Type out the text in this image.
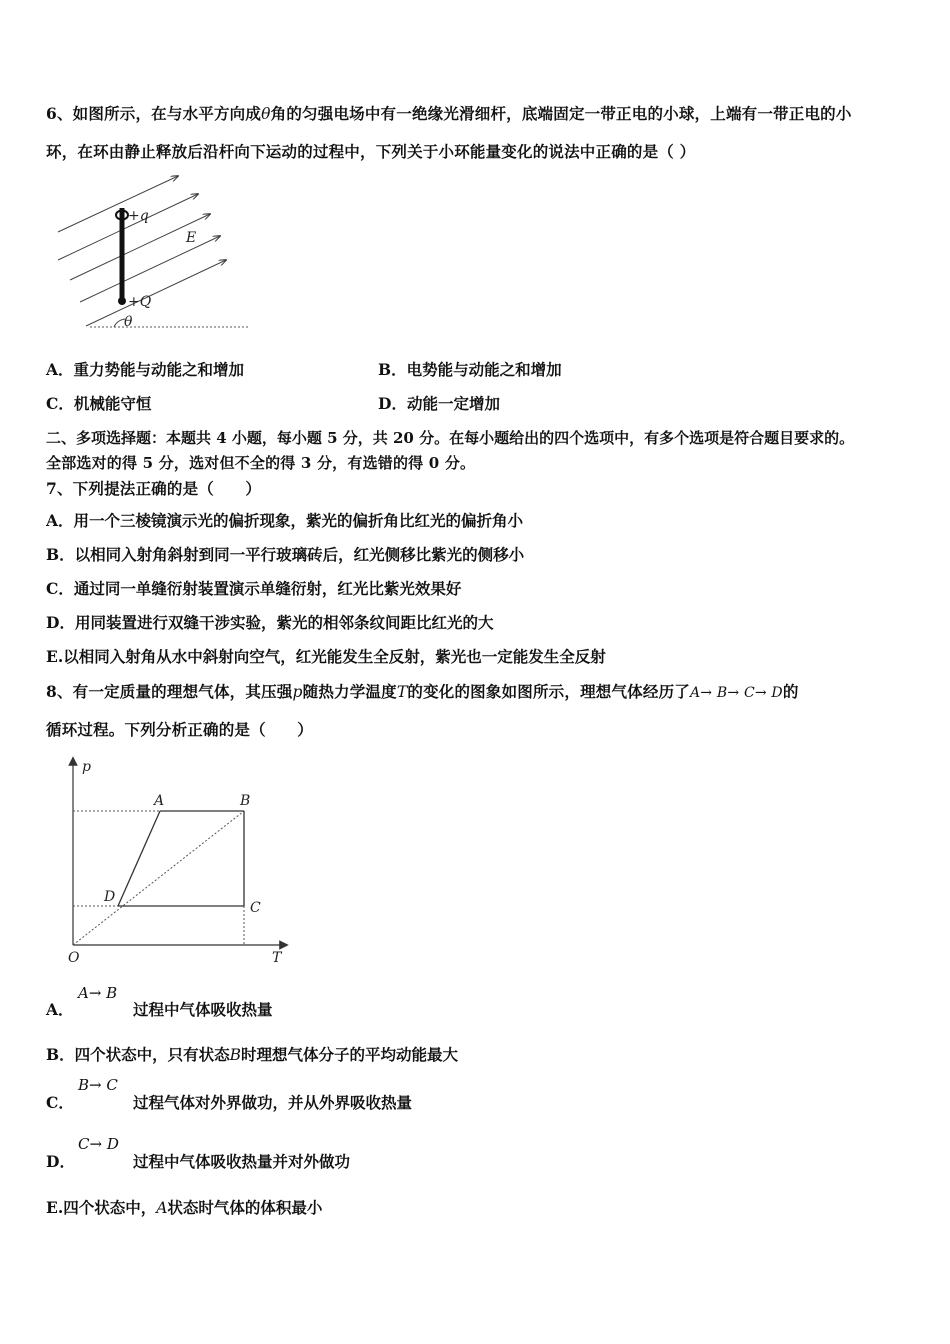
6、如图所示，在与水平方向成θ角的匀强电场中有一绝缘光滑细杆，底端固定一带正电的小球，上端有一带正电的小
环，在环由静止释放后沿杆向下运动的过程中，下列关于小环能量变化的说法中正确的是（ ）
+q
E
+Q
θ
A．重力势能与动能之和增加	B．电势能与动能之和增加
C．机械能守恒	D．动能一定增加
二、多项选择题：本题共 4 小题，每小题 5 分，共 20 分。在每小题给出的四个选项中，有多个选项是符合题目要求的。
全部选对的得 5 分，选对但不全的得 3 分，有选错的得 0 分。
7、下列提法正确的是（　　）
A．用一个三棱镜演示光的偏折现象，紫光的偏折角比红光的偏折角小
B．以相同入射角斜射到同一平行玻璃砖后，红光侧移比紫光的侧移小
C．通过同一单缝衍射装置演示单缝衍射，红光比紫光效果好
D．用同装置进行双缝干涉实验，紫光的相邻条纹间距比红光的大
E.以相同入射角从水中斜射向空气，红光能发生全反射，紫光也一定能发生全反射
8、有一定质量的理想气体，其压强p随热力学温度T的变化的图象如图所示，理想气体经历了A→ B→ C→ D的
循环过程。下列分析正确的是（　　）
p
T
O
A	B
C
D
A．
A→ B
过程中气体吸收热量
B．四个状态中，只有状态B时理想气体分子的平均动能最大
C．
B→ C
过程气体对外界做功，并从外界吸收热量
D．
C→ D
过程中气体吸收热量并对外做功
E.四个状态中，A状态时气体的体积最小
